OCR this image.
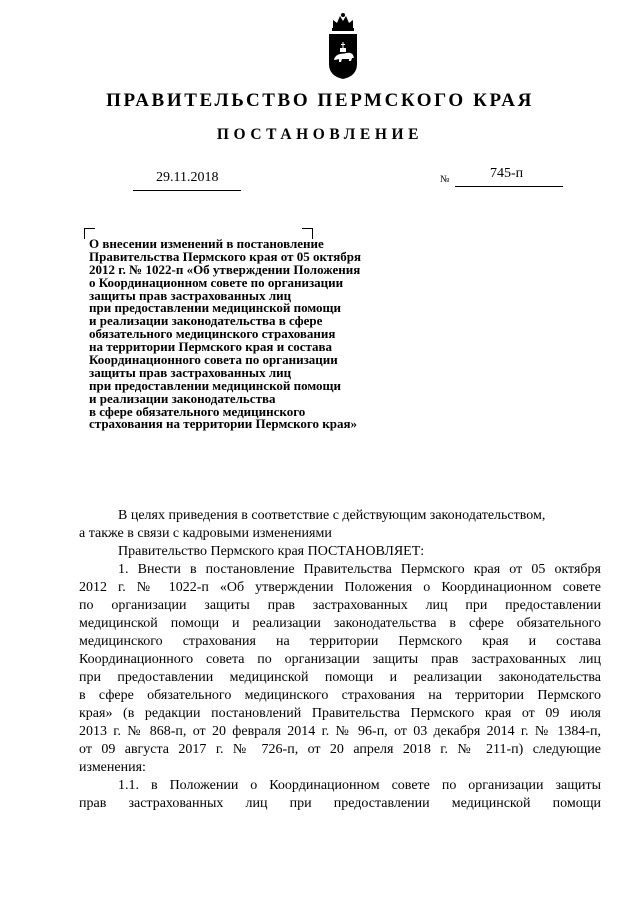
ПРАВИТЕЛЬСТВО ПЕРМСКОГО КРАЯ
ПОСТАНОВЛЕНИЕ
29.11.2018	№	745-п
О внесении изменений в постановление
Правительства Пермского края от 05 октября
2012 г. № 1022-п «Об утверждении Положения
о Координационном совете по организации
защиты прав застрахованных лиц
при предоставлении медицинской помощи
и реализации законодательства в сфере
обязательного медицинского страхования
на территории Пермского края и состава
Координационного совета по организации
защиты прав застрахованных лиц
при предоставлении медицинской помощи
и реализации законодательства
в сфере обязательного медицинского
страхования на территории Пермского края»
В целях приведения в соответствие с действующим законодательством,
а также в связи с кадровыми изменениями
Правительство Пермского края ПОСТАНОВЛЯЕТ:
1. Внести в постановление Правительства Пермского края от 05 октября
2012 г. № 1022-п «Об утверждении Положения о Координационном совете
по организации защиты прав застрахованных лиц при предоставлении
медицинской помощи и реализации законодательства в сфере обязательного
медицинского страхования на территории Пермского края и состава
Координационного совета по организации защиты прав застрахованных лиц
при предоставлении медицинской помощи и реализации законодательства
в сфере обязательного медицинского страхования на территории Пермского
края» (в редакции постановлений Правительства Пермского края от 09 июля
2013 г. № 868-п, от 20 февраля 2014 г. № 96-п, от 03 декабря 2014 г. № 1384-п,
от 09 августа 2017 г. № 726-п, от 20 апреля 2018 г. № 211-п) следующие
изменения:
1.1. в Положении о Координационном совете по организации защиты
прав застрахованных лиц при предоставлении медицинской помощи
